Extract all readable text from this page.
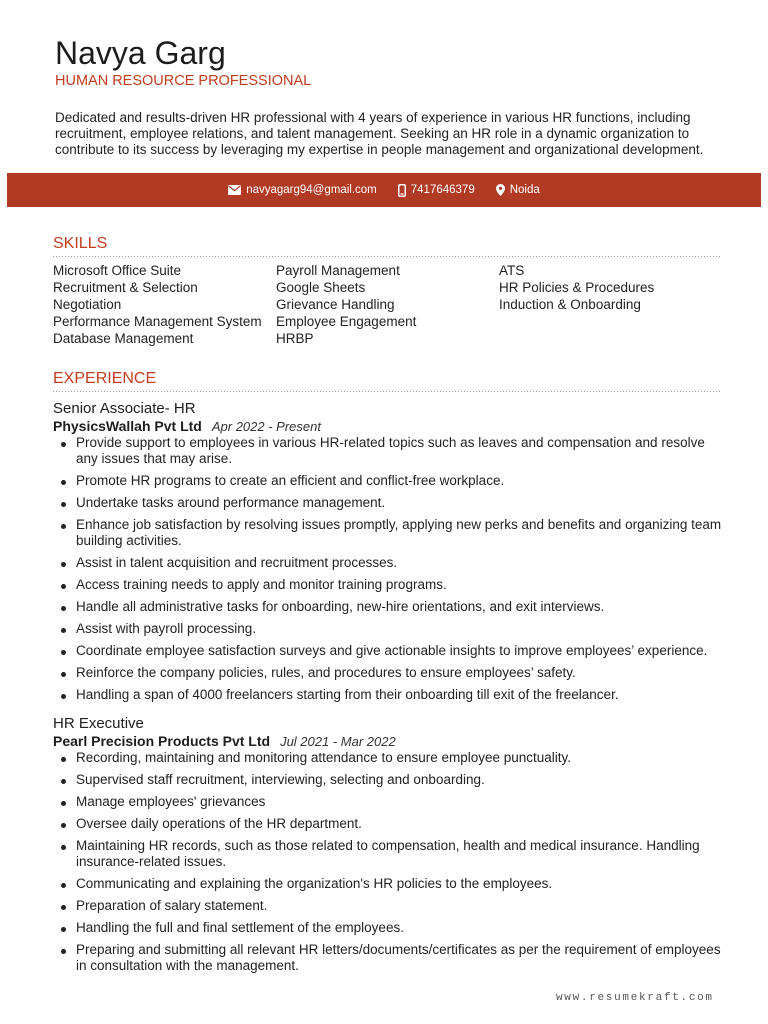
Navya Garg
HUMAN RESOURCE PROFESSIONAL

Dedicated and results-driven HR professional with 4 years of experience in various HR functions, including recruitment, employee relations, and talent management. Seeking an HR role in a dynamic organization to contribute to its success by leveraging my expertise in people management and organizational development.

navyagarg94@gmail.com	7417646379	Noida
SKILLS
Microsoft Office Suite
Recruitment & Selection
Negotiation
Performance Management System
Database Management
Payroll Management
Google Sheets
Grievance Handling
Employee Engagement
HRBP
ATS
HR Policies & Procedures
Induction & Onboarding
EXPERIENCE
Senior Associate- HR
PhysicsWallah Pvt Ltd Apr 2022 - Present
Provide support to employees in various HR-related topics such as leaves and compensation and resolve any issues that may arise.
Promote HR programs to create an efficient and conflict-free workplace.
Undertake tasks around performance management.
Enhance job satisfaction by resolving issues promptly, applying new perks and benefits and organizing team building activities.
Assist in talent acquisition and recruitment processes.
Access training needs to apply and monitor training programs.
Handle all administrative tasks for onboarding, new-hire orientations, and exit interviews.
Assist with payroll processing.
Coordinate employee satisfaction surveys and give actionable insights to improve employees’ experience.
Reinforce the company policies, rules, and procedures to ensure employees’ safety.
Handling a span of 4000 freelancers starting from their onboarding till exit of the freelancer.
HR Executive
Pearl Precision Products Pvt Ltd Jul 2021 - Mar 2022
Recording, maintaining and monitoring attendance to ensure employee punctuality.
Supervised staff recruitment, interviewing, selecting and onboarding.
Manage employees' grievances
Oversee daily operations of the HR department.
Maintaining HR records, such as those related to compensation, health and medical insurance. Handling insurance-related issues.
Communicating and explaining the organization's HR policies to the employees.
Preparation of salary statement.
Handling the full and final settlement of the employees.
Preparing and submitting all relevant HR letters/documents/certificates as per the requirement of employees in consultation with the management.
www.resumekraft.com
